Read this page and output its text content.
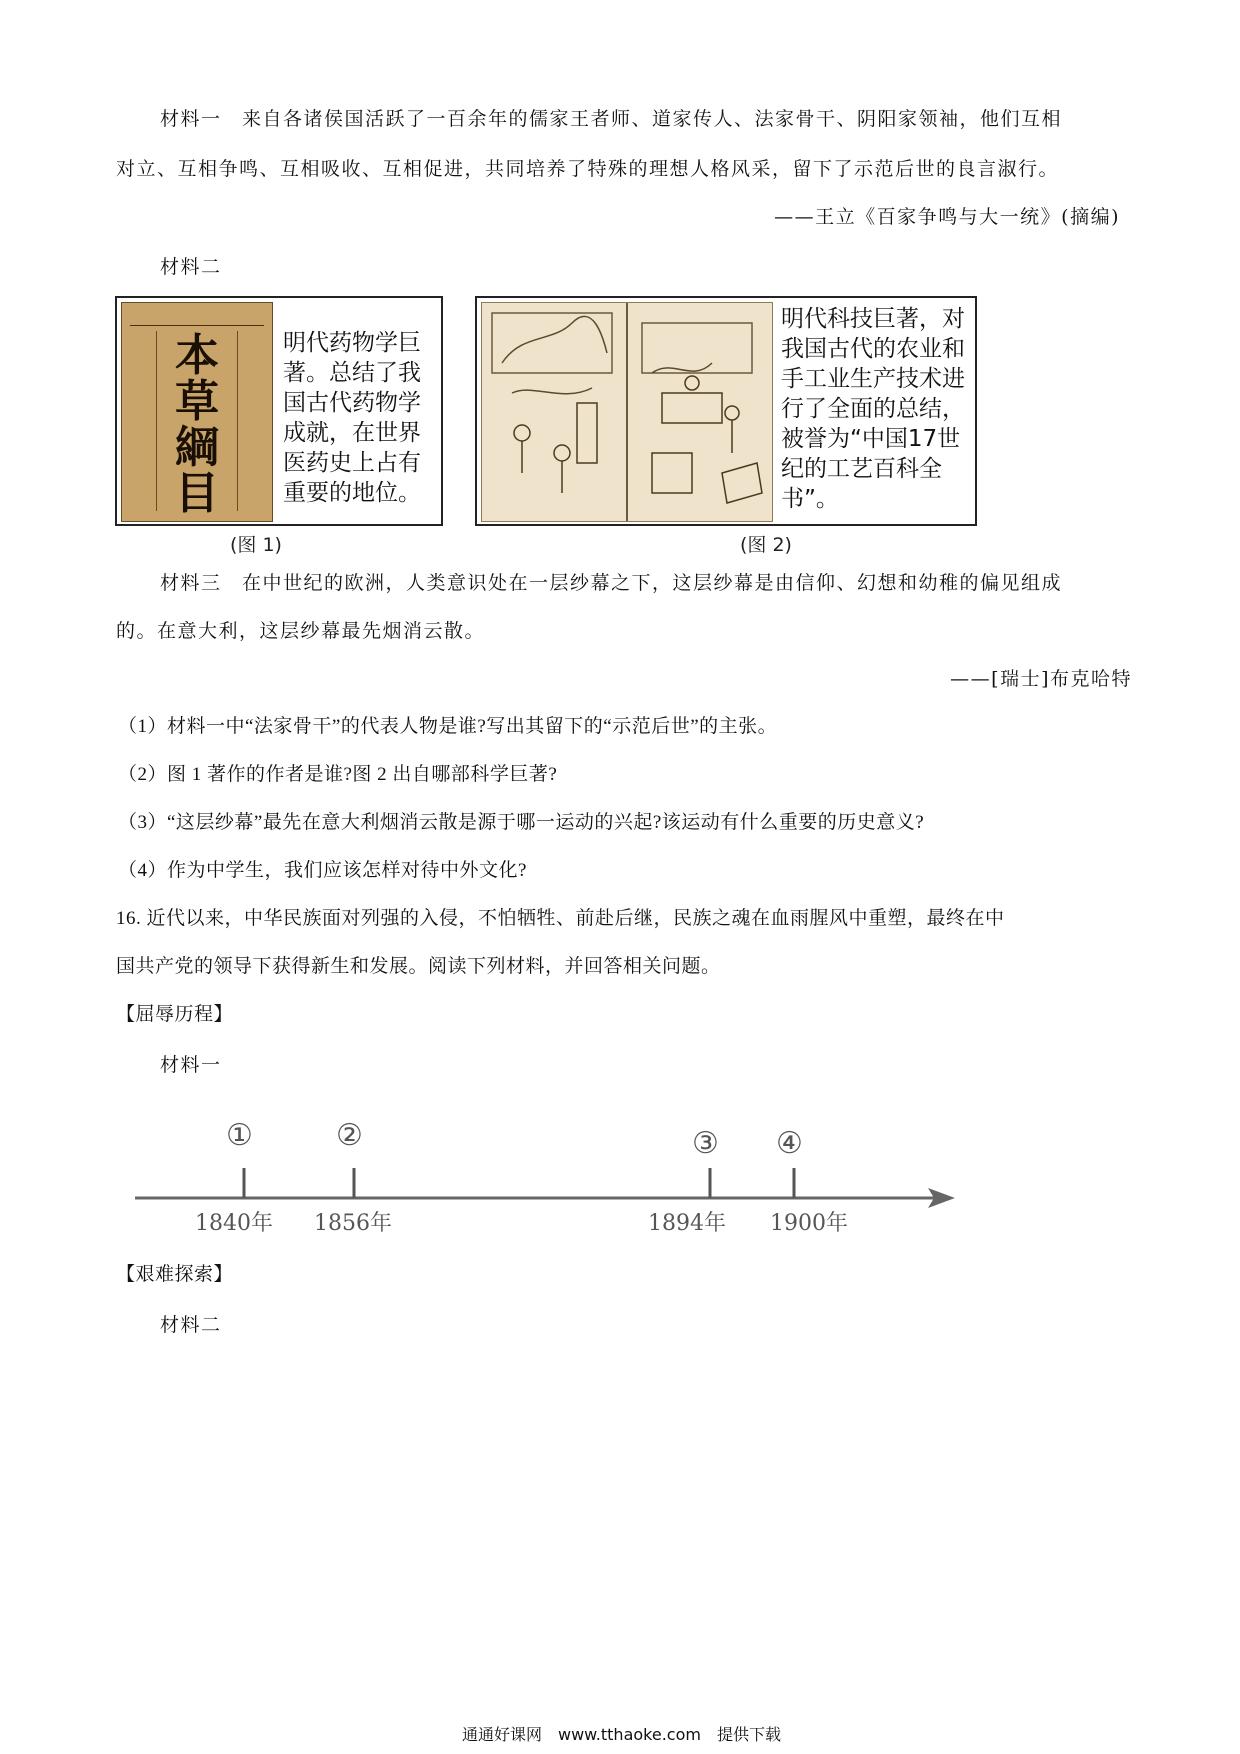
材料一　来自各诸侯国活跃了一百余年的儒家王者师、道家传人、法家骨干、阴阳家领袖，他们互相
对立、互相争鸣、互相吸收、互相促进，共同培养了特殊的理想人格风采，留下了示范后世的良言淑行。
——王立《百家争鸣与大一统》(摘编)
材料二
本草綱目
明代药物学巨著。总结了我国古代药物学成就，在世界医药史上占有重要的地位。
(图 1)
明代科技巨著，对我国古代的农业和手工业生产技术进行了全面的总结，被誉为“中国17世纪的工艺百科全书”。
(图 2)
材料三　在中世纪的欧洲，人类意识处在一层纱幕之下，这层纱幕是由信仰、幻想和幼稚的偏见组成
的。在意大利，这层纱幕最先烟消云散。
——[瑞士]布克哈特
（1）材料一中“法家骨干”的代表人物是谁?写出其留下的“示范后世”的主张。
（2）图 1 著作的作者是谁?图 2 出自哪部科学巨著?
（3）“这层纱幕”最先在意大利烟消云散是源于哪一运动的兴起?该运动有什么重要的历史意义?
（4）作为中学生，我们应该怎样对待中外文化?
16. 近代以来，中华民族面对列强的入侵，不怕牺牲、前赴后继，民族之魂在血雨腥风中重塑，最终在中
国共产党的领导下获得新生和发展。阅读下列材料，并回答相关问题。
【屈辱历程】
材料一
①	②	③ ④
1840年 1856年	1894年 1900年
【艰难探索】
材料二
通通好课网　www.tthaoke.com　提供下载
